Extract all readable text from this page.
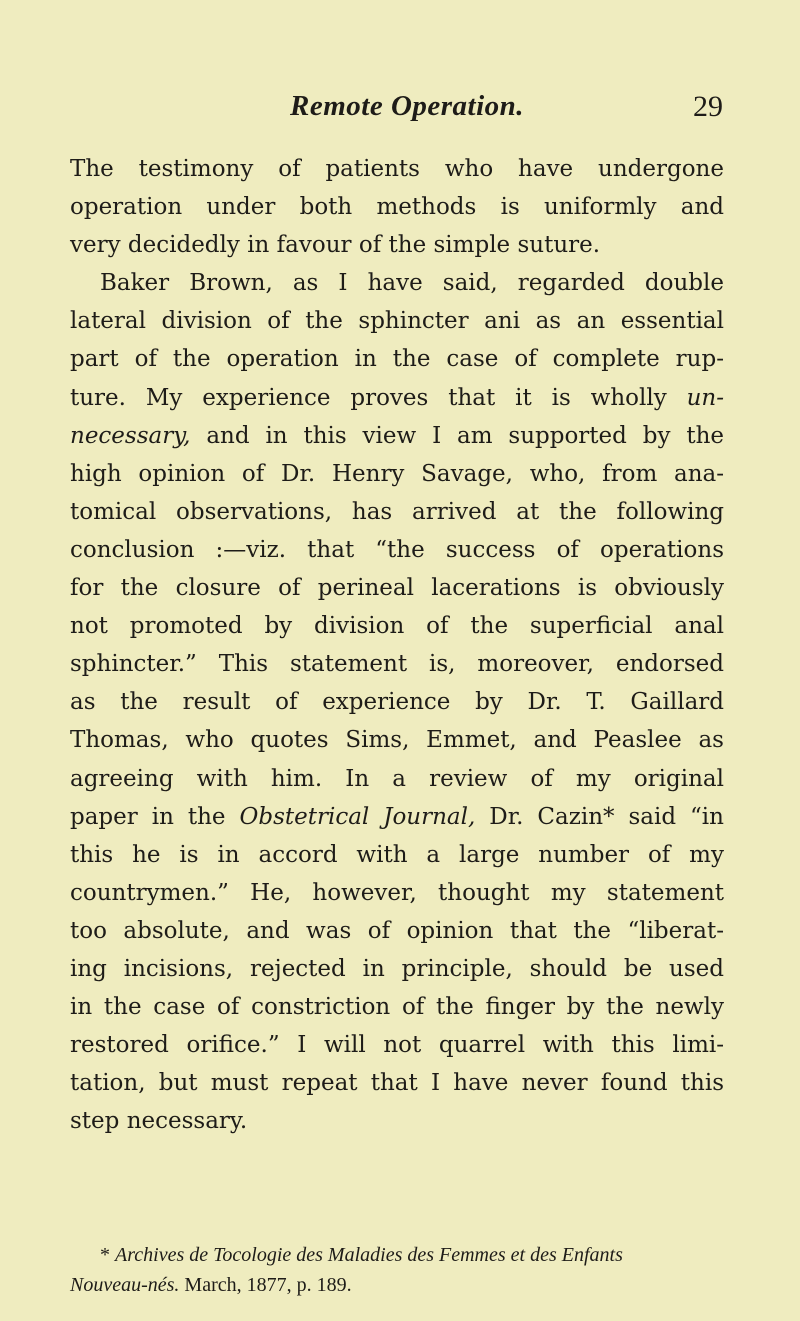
Remote Operation.	29
The testimony of patients who have undergone
operation under both methods is uniformly and
very decidedly in favour of the simple suture.
Baker Brown, as I have said, regarded double
lateral division of the sphincter ani as an essential
part of the operation in the case of complete rup-
ture. My experience proves that it is wholly un-
necessary, and in this view I am supported by the
high opinion of Dr. Henry Savage, who, from ana-
tomical observations, has arrived at the following
conclusion :—viz. that “the success of operations
for the closure of perineal lacerations is obviously
not promoted by division of the superficial anal
sphincter.” This statement is, moreover, endorsed
as the result of experience by Dr. T. Gaillard
Thomas, who quotes Sims, Emmet, and Peaslee as
agreeing with him. In a review of my original
paper in the Obstetrical Journal, Dr. Cazin* said “in
this he is in accord with a large number of my
countrymen.” He, however, thought my statement
too absolute, and was of opinion that the “liberat-
ing incisions, rejected in principle, should be used
in the case of constriction of the finger by the newly
restored orifice.” I will not quarrel with this limi-
tation, but must repeat that I have never found this
step necessary.
* Archives de Tocologie des Maladies des Femmes et des Enfants
Nouveau-nés. March, 1877, p. 189.
